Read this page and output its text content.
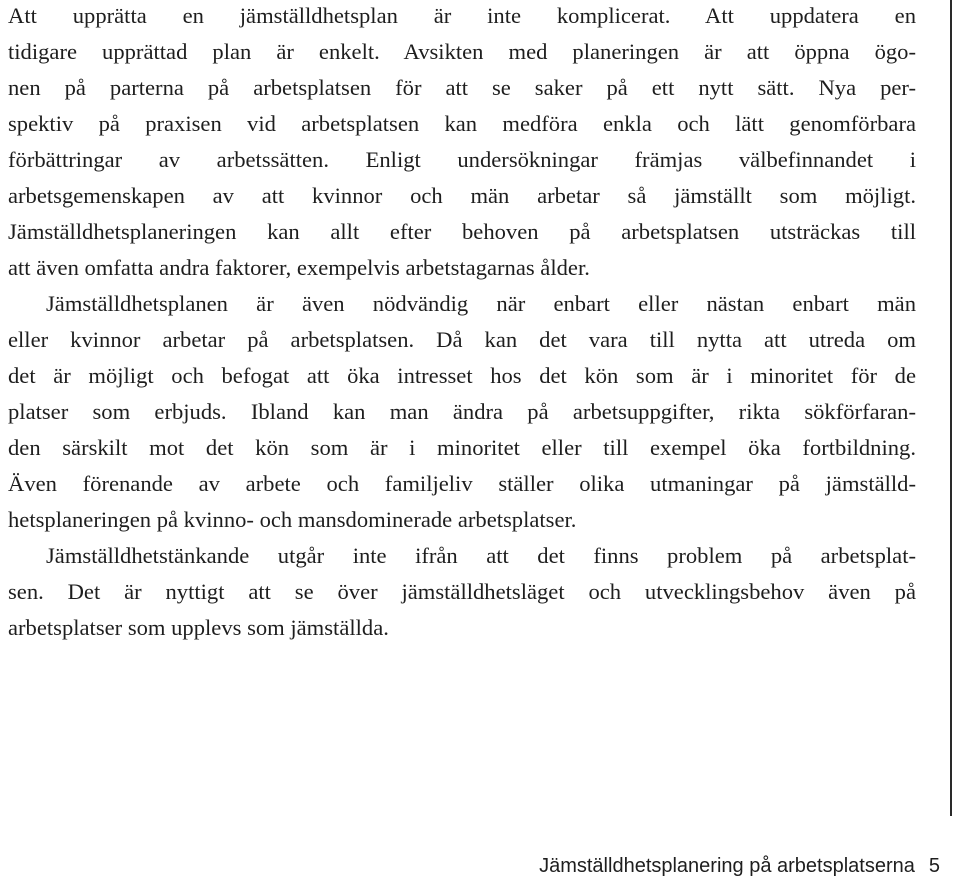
Att upprätta en jämställdhetsplan är inte komplicerat. Att uppdatera en
tidigare upprättad plan är enkelt. Avsikten med planeringen är att öppna ögo-
nen på parterna på arbetsplatsen för att se saker på ett nytt sätt. Nya per-
spektiv på praxisen vid arbetsplatsen kan medföra enkla och lätt genomförbara
förbättringar av arbetssätten. Enligt undersökningar främjas välbefinnandet i
arbetsgemenskapen av att kvinnor och män arbetar så jämställt som möjligt.
Jämställdhetsplaneringen kan allt efter behoven på arbetsplatsen utsträckas till
att även omfatta andra faktorer, exempelvis arbetstagarnas ålder.
Jämställdhetsplanen är även nödvändig när enbart eller nästan enbart män
eller kvinnor arbetar på arbetsplatsen. Då kan det vara till nytta att utreda om
det är möjligt och befogat att öka intresset hos det kön som är i minoritet för de
platser som erbjuds. Ibland kan man ändra på arbetsuppgifter, rikta sökförfaran-
den särskilt mot det kön som är i minoritet eller till exempel öka fortbildning.
Även förenande av arbete och familjeliv ställer olika utmaningar på jämställd-
hetsplaneringen på kvinno- och mansdominerade arbetsplatser.
Jämställdhetstänkande utgår inte ifrån att det finns problem på arbetsplat-
sen. Det är nyttigt att se över jämställdhetsläget och utvecklingsbehov även på
arbetsplatser som upplevs som jämställda.
Jämställdhetsplanering på arbetsplatserna 5
